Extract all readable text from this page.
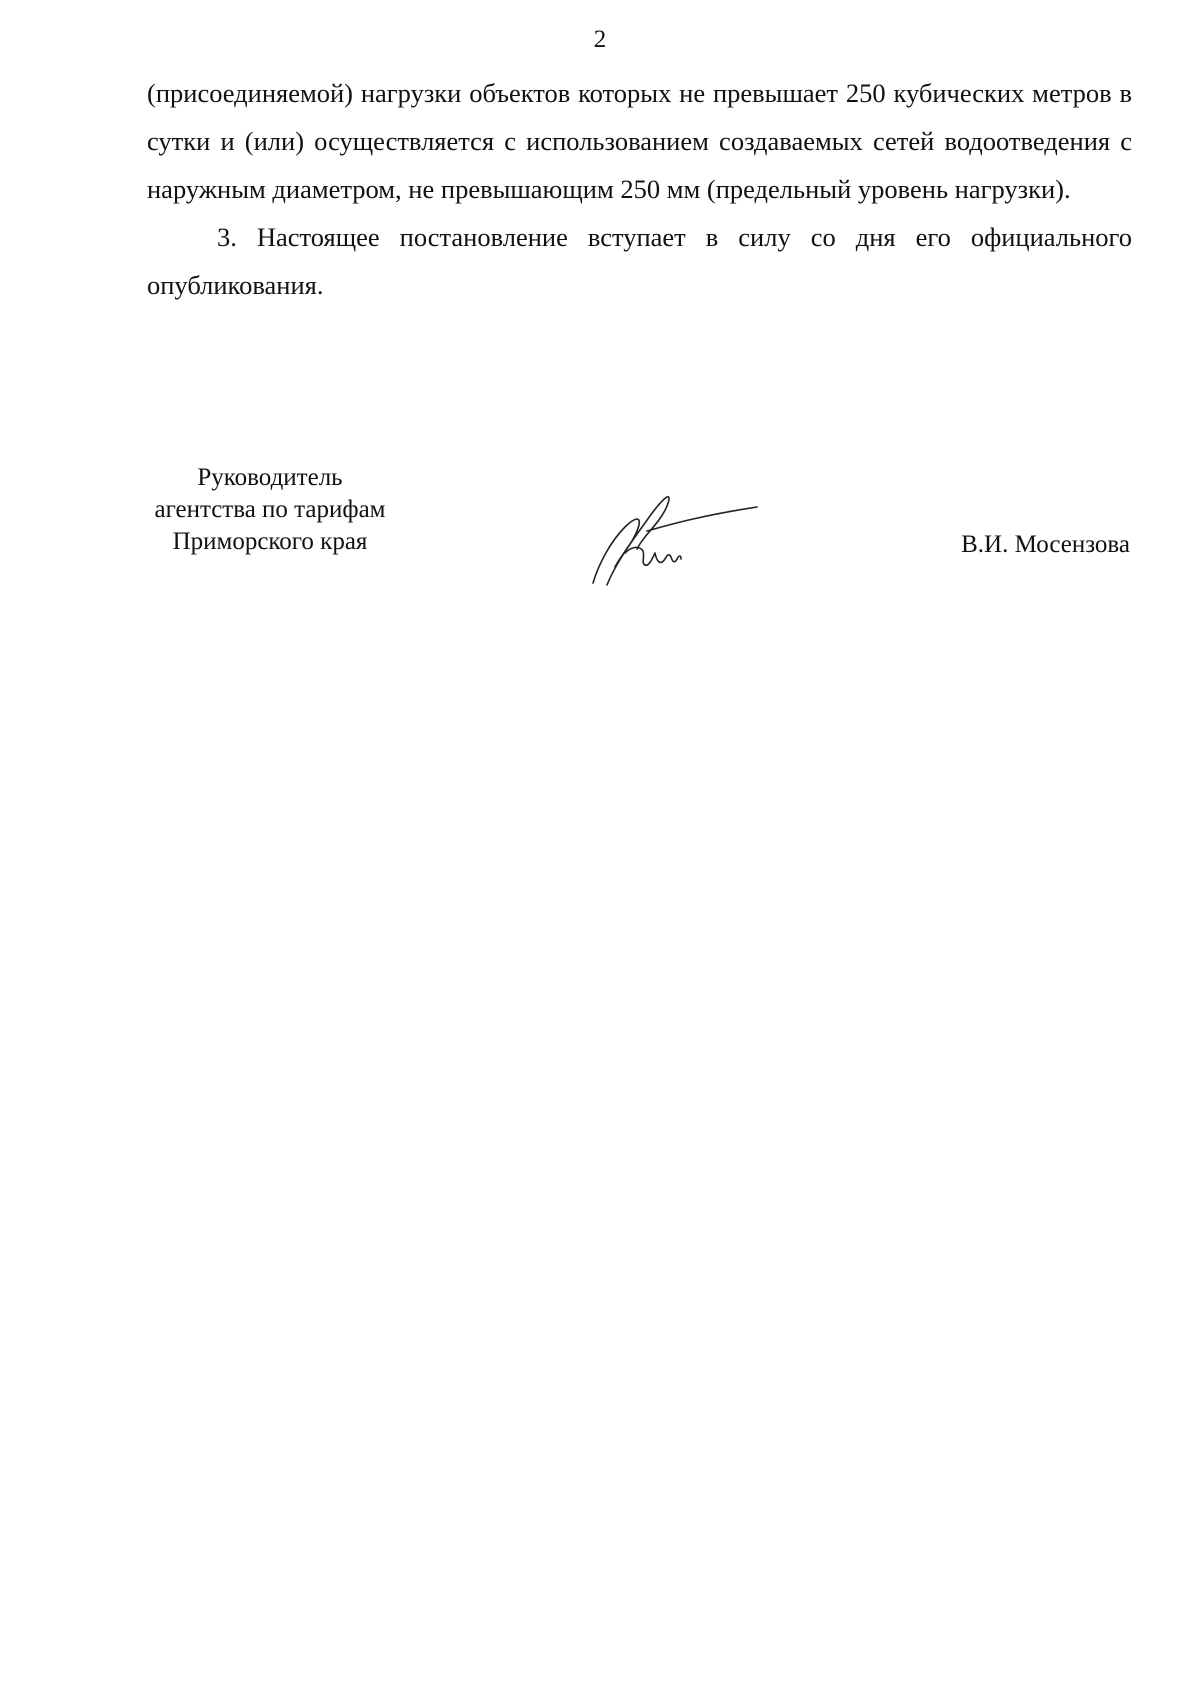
2

(присоединяемой) нагрузки объектов которых не превышает 250 кубических метров в сутки и (или) осуществляется с использованием создаваемых сетей водоотведения с наружным диаметром, не превышающим 250 мм (предельный уровень нагрузки).

3. Настоящее постановление вступает в силу со дня его официального опубликования.

Руководитель
агентства по тарифам
Приморского края	В.И. Мосензова
